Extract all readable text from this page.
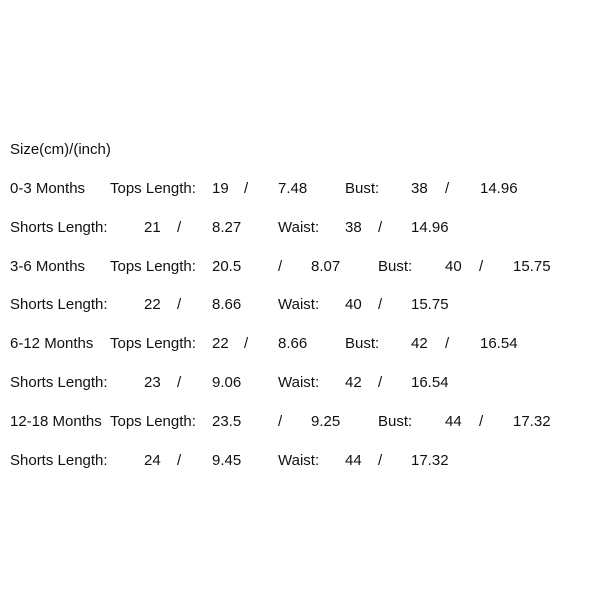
Size(cm)/(inch)
0-3 Months Tops Length: 19 / 7.48	Bust: 38 / 14.96
Shorts Length: 21 / 8.27 Waist: 38 / 14.96
3-6 Months Tops Length: 20.5 / 8.07	Bust: 40 / 15.75
Shorts Length: 22 / 8.66 Waist: 40 / 15.75
6-12 Months Tops Length: 22 / 8.66	Bust: 42 / 16.54
Shorts Length: 23 / 9.06 Waist: 42 / 16.54
12-18 Months Tops Length: 23.5 / 9.25	Bust: 44 / 17.32
Shorts Length: 24 / 9.45 Waist: 44 / 17.32
